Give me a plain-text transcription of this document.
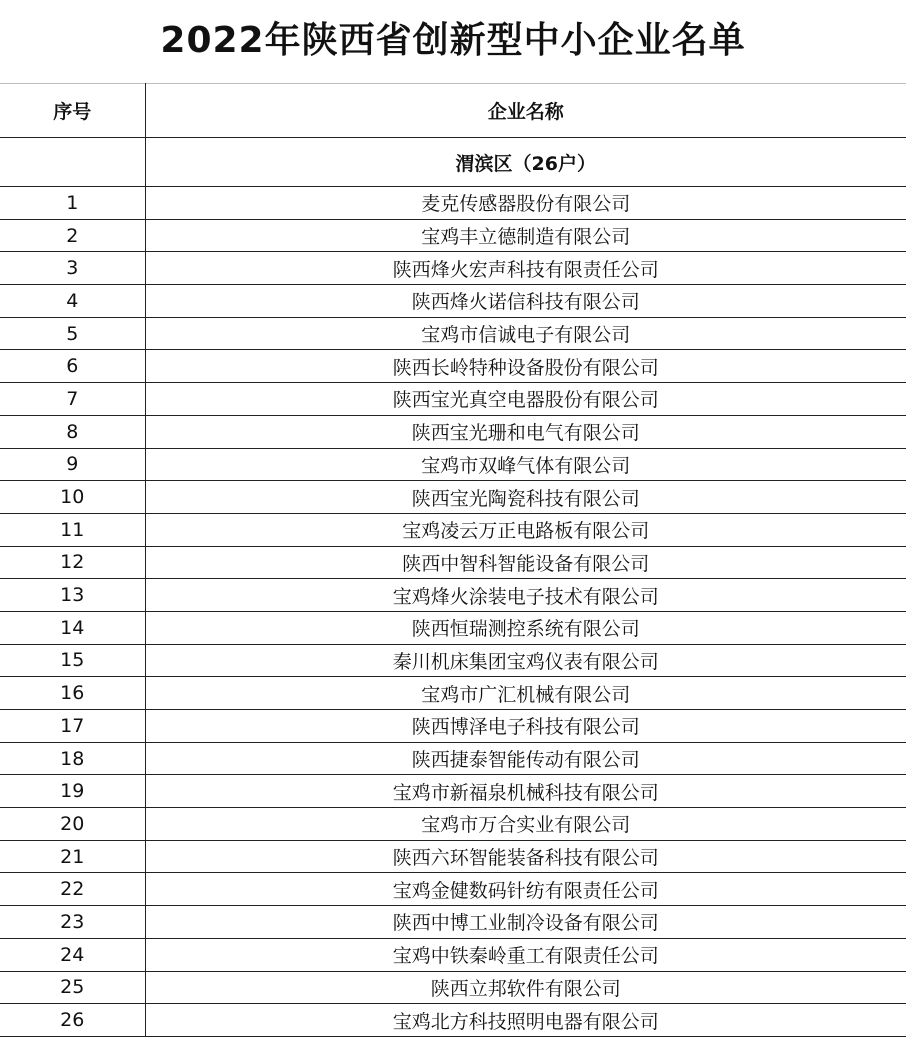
2022年陕西省创新型中小企业名单
序号	企业名称
	渭滨区（26户）
1	麦克传感器股份有限公司
2	宝鸡丰立德制造有限公司
3	陕西烽火宏声科技有限责任公司
4	陕西烽火诺信科技有限公司
5	宝鸡市信诚电子有限公司
6	陕西长岭特种设备股份有限公司
7	陕西宝光真空电器股份有限公司
8	陕西宝光珊和电气有限公司
9	宝鸡市双峰气体有限公司
10	陕西宝光陶瓷科技有限公司
11	宝鸡凌云万正电路板有限公司
12	陕西中智科智能设备有限公司
13	宝鸡烽火涂装电子技术有限公司
14	陕西恒瑞测控系统有限公司
15	秦川机床集团宝鸡仪表有限公司
16	宝鸡市广汇机械有限公司
17	陕西博泽电子科技有限公司
18	陕西捷泰智能传动有限公司
19	宝鸡市新福泉机械科技有限公司
20	宝鸡市万合实业有限公司
21	陕西六环智能装备科技有限公司
22	宝鸡金健数码针纺有限责任公司
23	陕西中博工业制冷设备有限公司
24	宝鸡中铁秦岭重工有限责任公司
25	陕西立邦软件有限公司
26	宝鸡北方科技照明电器有限公司
